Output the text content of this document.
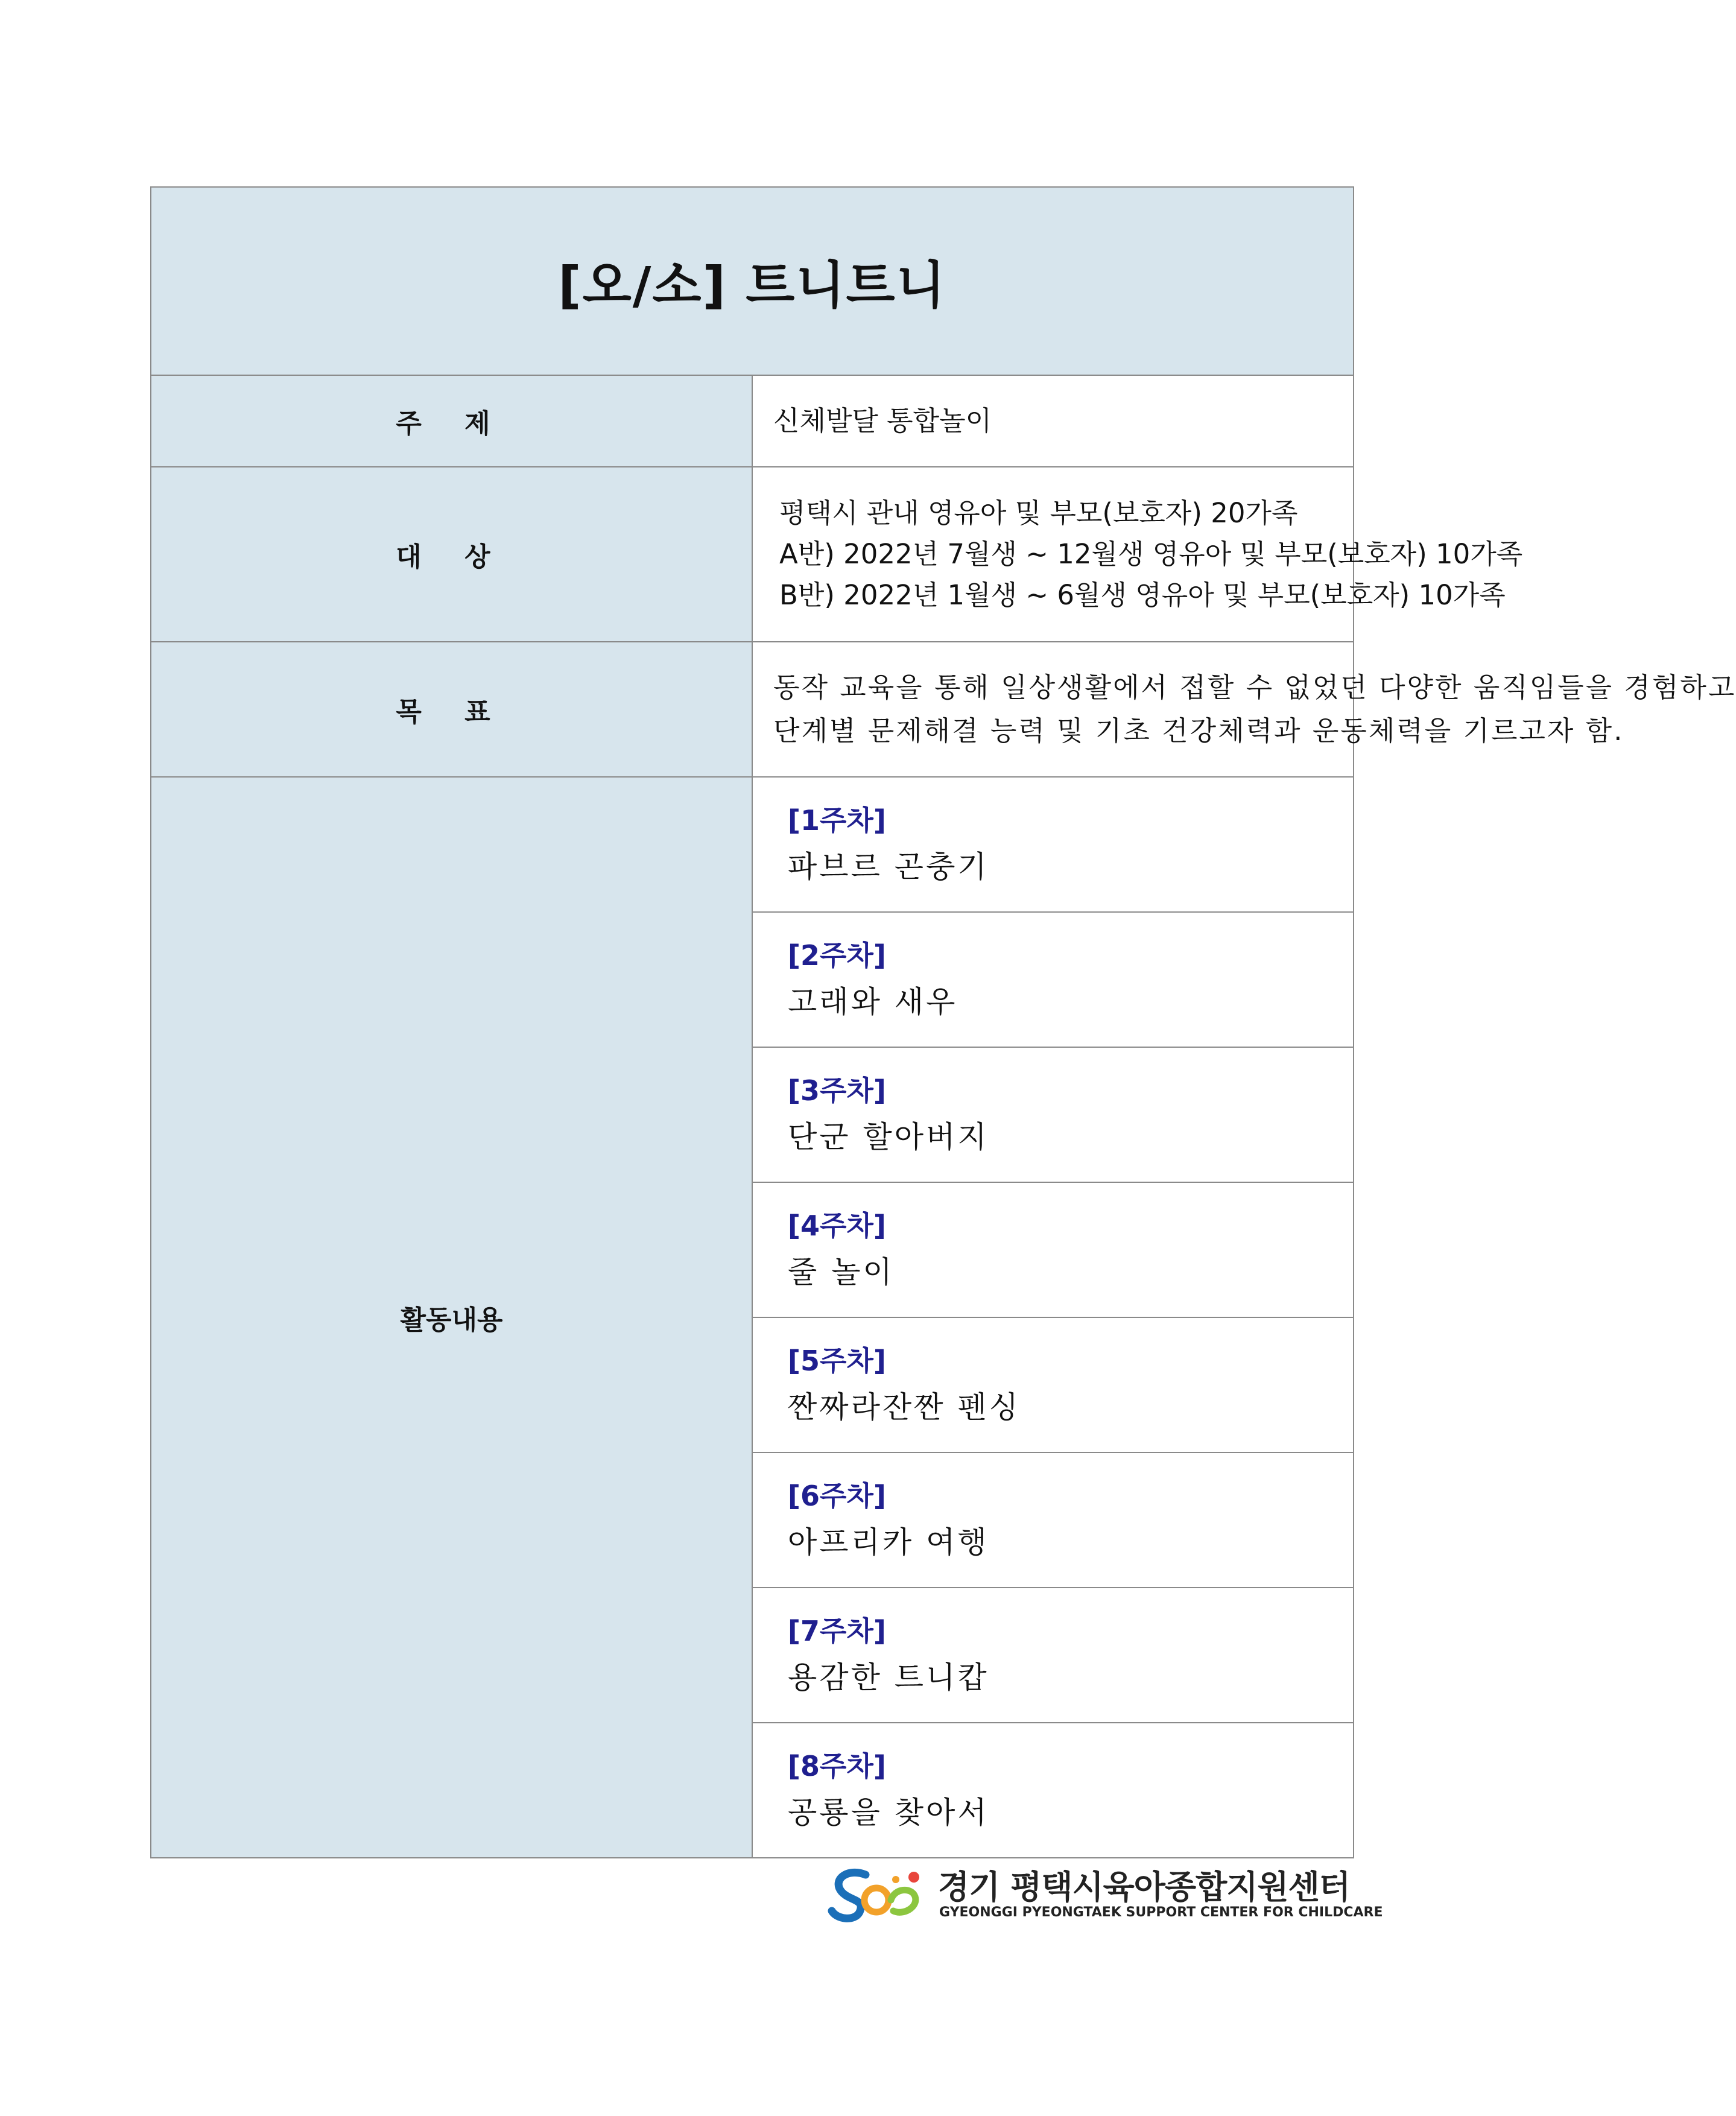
[오/소] 트니트니	
주 제	신체발달 통합놀이

대 상	평택시 관내 영유아 및 부모(보호자) 20가족
A반) 2022년 7월생 ~ 12월생 영유아 및 부모(보호자) 10가족
B반) 2022년 1월생 ~ 6월생 영유아 및 부모(보호자) 10가족

목 표	동작 교육을 통해 일상생활에서 접할 수 없었던 다양한 움직임들을 경험하고
단계별 문제해결 능력 및 기초 건강체력과 운동체력을 기르고자 함.

활동내용	[1주차]
파브르 곤충기

	[2주차]
고래와 새우

	[3주차]
단군 할아버지

	[4주차]
줄 놀이

	[5주차]
짠짜라잔짠 펜싱

	[6주차]
아프리카 여행

	[7주차]
용감한 트니캅

	[8주차]
공룡을 찾아서
경기 평택시육아종합지원센터
GYEONGGI PYEONGTAEK SUPPORT CENTER FOR CHILDCARE
